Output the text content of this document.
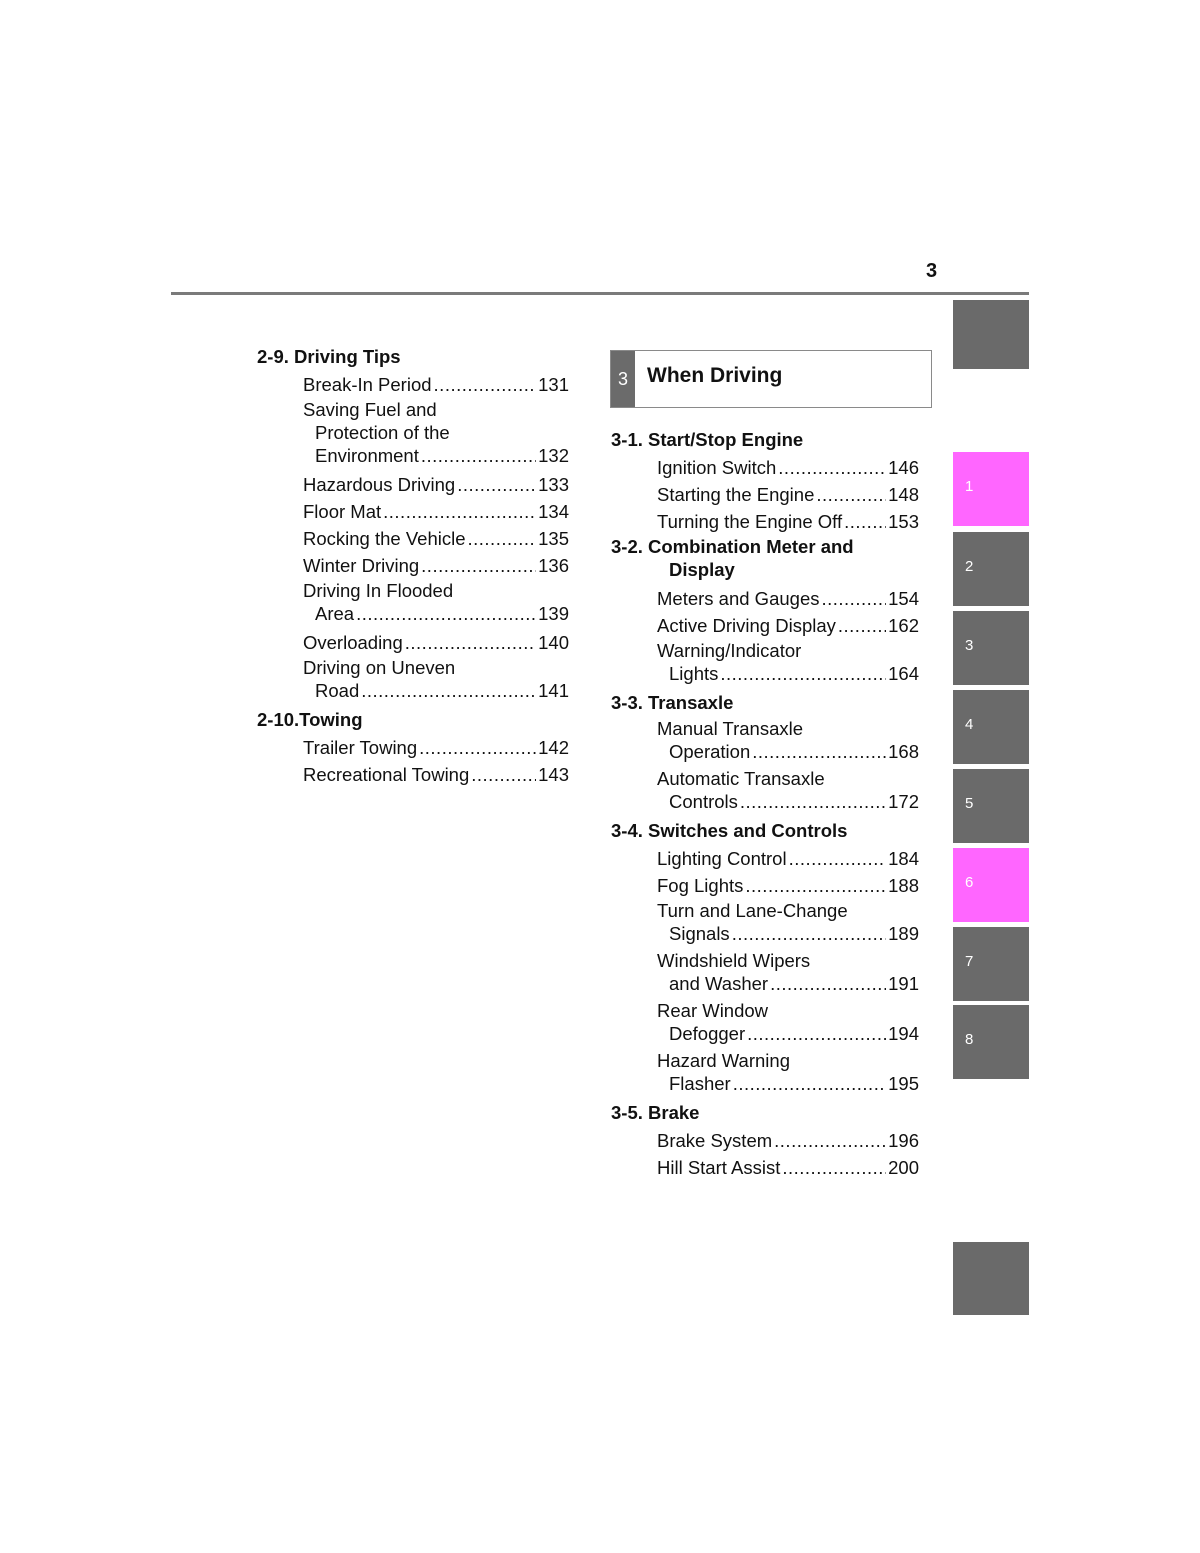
3
2-9. Driving Tips
Break-In Period .....	131
Saving Fuel and
Protection of the
Environment .....	132
Hazardous Driving .....	133
Floor Mat .....	134
Rocking the Vehicle .....	135
Winter Driving .....	136
Driving In Flooded
Area .....	139
Overloading .....	140
Driving on Uneven
Road .....	141
2-10.Towing
Trailer Towing .....	142
Recreational Towing .....	143
3 When Driving
3-1. Start/Stop Engine
Ignition Switch .....	146
Starting the Engine .....	148
Turning the Engine Off ..... 153
3-2. Combination Meter and
Display
Meters and Gauges .....	154
Active Driving Display .....	162
Warning/Indicator
Lights .....	164
3-3. Transaxle
Manual Transaxle
Operation .....	168
Automatic Transaxle
Controls .....	172
3-4. Switches and Controls
Lighting Control .....	184
Fog Lights .....	188
Turn and Lane-Change
Signals .....	189
Windshield Wipers
and Washer .....	191
Rear Window
Defogger .....	194
Hazard Warning
Flasher .....	195
3-5. Brake
Brake System .....	196
Hill Start Assist .....	200
1
2
3
4
5
6
7
8
